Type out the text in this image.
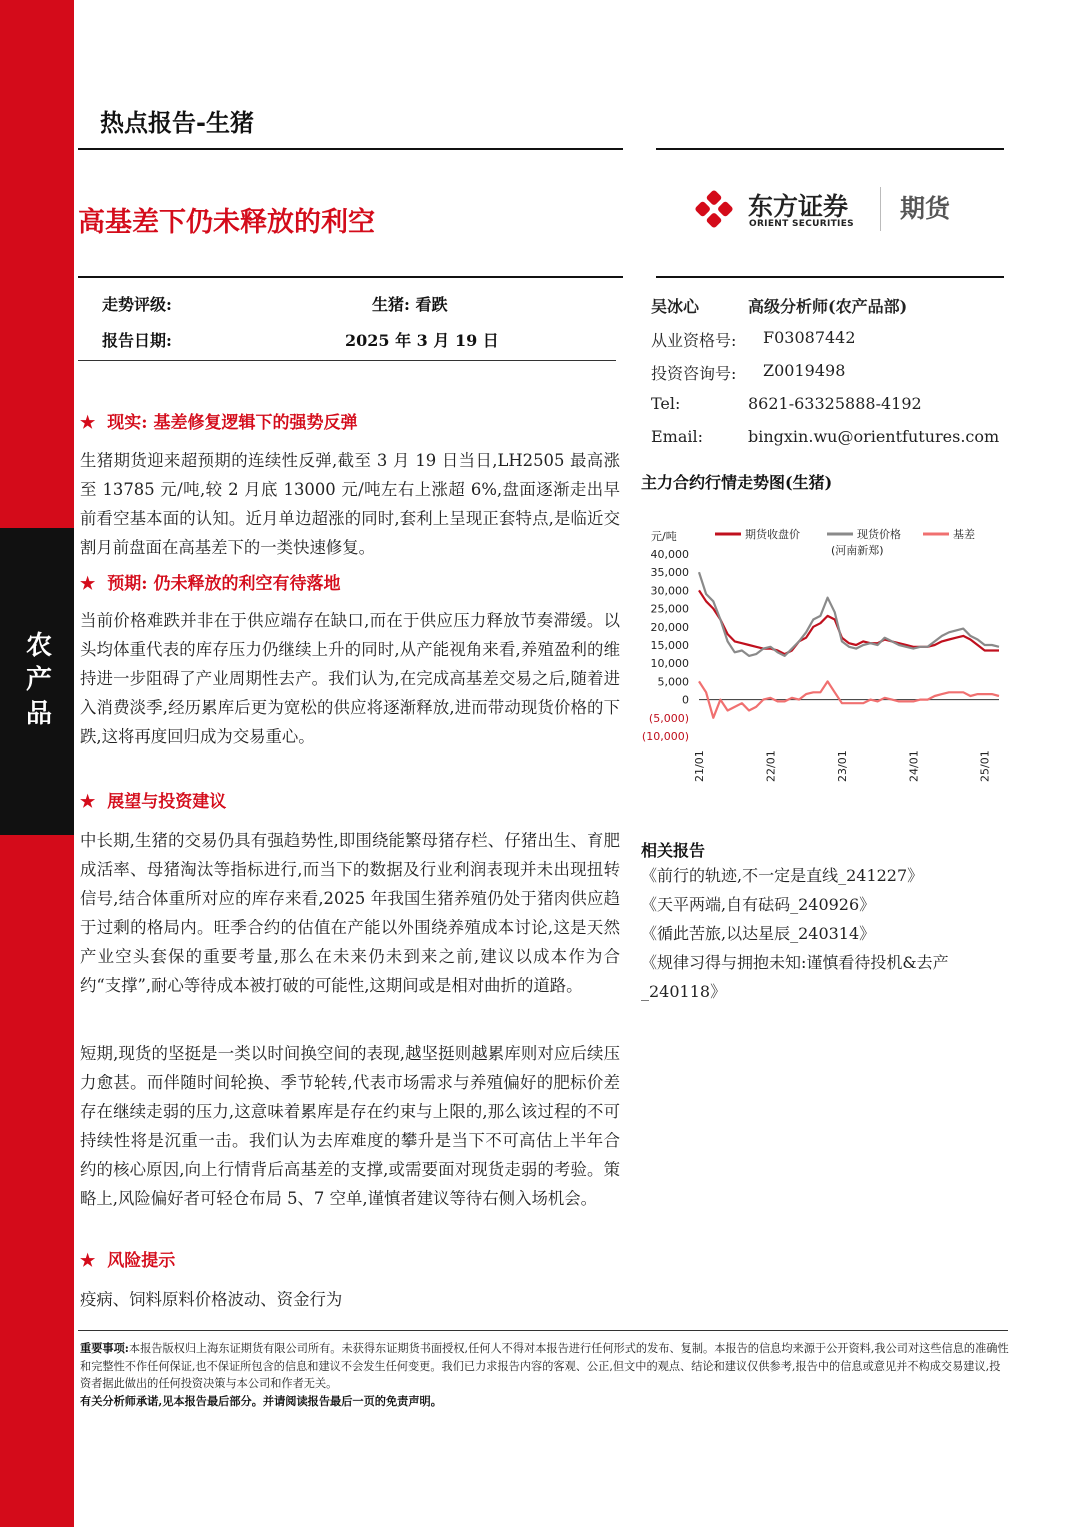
农产品
热点报告-生猪
高基差下仍未释放的利空
东方证券
ORIENT SECURITIES
期货
走势评级:	生猪: 看跌
报告日期:	2025 年 3 月 19 日
吴冰心	高级分析师(农产品部)
从业资格号: F03087442
投资咨询号: Z0019498
Tel:	8621-63325888-4192
Email:	bingxin.wu@orientfutures.com
★ 现实: 基差修复逻辑下的强势反弹
生猪期货迎来超预期的连续性反弹,截至 3 月 19 日当日,LH2505 最高涨至 13785 元/吨,较 2 月底 13000 元/吨左右上涨超 6%,盘面逐渐走出早前看空基本面的认知。近月单边超涨的同时,套利上呈现正套特点,是临近交割月前盘面在高基差下的一类快速修复。
★ 预期: 仍未释放的利空有待落地
当前价格难跌并非在于供应端存在缺口,而在于供应压力释放节奏滞缓。以头均体重代表的库存压力仍继续上升的同时,从产能视角来看,养殖盈利的维持进一步阻碍了产业周期性去产。我们认为,在完成高基差交易之后,随着进入消费淡季,经历累库后更为宽松的供应将逐渐释放,进而带动现货价格的下跌,这将再度回归成为交易重心。
★ 展望与投资建议
中长期,生猪的交易仍具有强趋势性,即围绕能繁母猪存栏、仔猪出生、育肥成活率、母猪淘汰等指标进行,而当下的数据及行业利润表现并未出现扭转信号,结合体重所对应的库存来看,2025 年我国生猪养殖仍处于猪肉供应趋于过剩的格局内。旺季合约的估值在产能以外围绕养殖成本讨论,这是天然产业空头套保的重要考量,那么在未来仍未到来之前,建议以成本作为合约“支撑”,耐心等待成本被打破的可能性,这期间或是相对曲折的道路。
短期,现货的坚挺是一类以时间换空间的表现,越坚挺则越累库则对应后续压力愈甚。而伴随时间轮换、季节轮转,代表市场需求与养殖偏好的肥标价差存在继续走弱的压力,这意味着累库是存在约束与上限的,那么该过程的不可持续性将是沉重一击。我们认为去库难度的攀升是当下不可高估上半年合约的核心原因,向上行情背后高基差的支撑,或需要面对现货走弱的考验。策略上,风险偏好者可轻仓布局 5、7 空单,谨慎者建议等待右侧入场机会。
★ 风险提示
疫病、饲料原料价格波动、资金行为
主力合约行情走势图(生猪)
元/吨	期货收盘价	现货价格	基差
(河南新郑)
40,000
35,000
30,000
25,000
20,000
15,000
10,000
5,000
0
(5,000)
(10,000)
21/01	22/01	23/01	24/01	25/01
相关报告
《前行的轨迹,不一定是直线_241227》
《天平两端,自有砝码_240926》
《循此苦旅,以达星辰_240314》
《规律习得与拥抱未知:谨慎看待投机&去产_240118》
重要事项:本报告版权归上海东证期货有限公司所有。未获得东证期货书面授权,任何人不得对本报告进行任何形式的发布、复制。本报告的信息均来源于公开资料,我公司对这些信息的准确性和完整性不作任何保证,也不保证所包含的信息和建议不会发生任何变更。我们已力求报告内容的客观、公正,但文中的观点、结论和建议仅供参考,报告中的信息或意见并不构成交易建议,投资者据此做出的任何投资决策与本公司和作者无关。
有关分析师承诺,见本报告最后部分。并请阅读报告最后一页的免责声明。
